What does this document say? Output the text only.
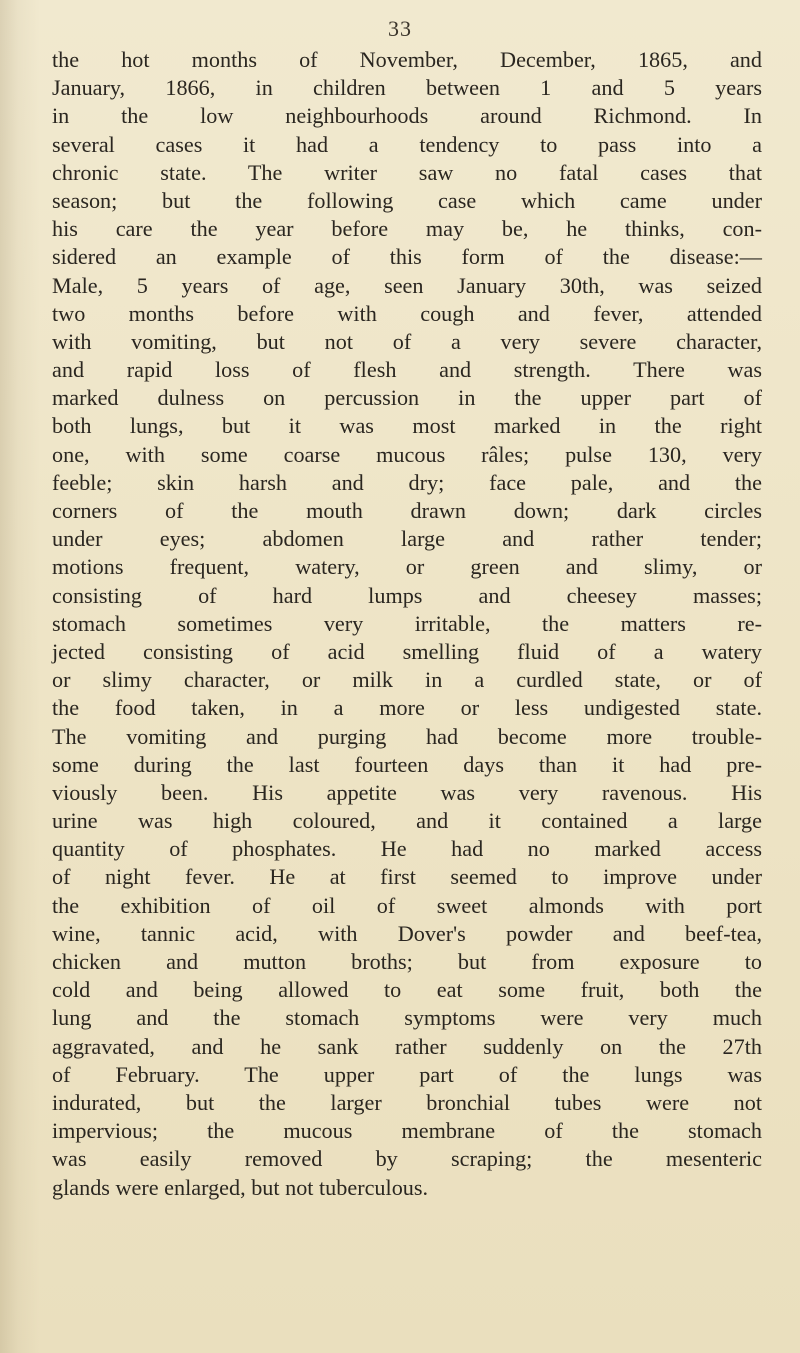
33
the hot months of November, December, 1865, and
January, 1866, in children between 1 and 5 years
in the low neighbourhoods around Richmond. In
several cases it had a tendency to pass into a
chronic state. The writer saw no fatal cases that
season; but the following case which came under
his care the year before may be, he thinks, con-
sidered an example of this form of the disease:—
Male, 5 years of age, seen January 30th, was seized
two months before with cough and fever, attended
with vomiting, but not of a very severe character,
and rapid loss of flesh and strength. There was
marked dulness on percussion in the upper part of
both lungs, but it was most marked in the right
one, with some coarse mucous râles; pulse 130, very
feeble; skin harsh and dry; face pale, and the
corners of the mouth drawn down; dark circles
under eyes; abdomen large and rather tender;
motions frequent, watery, or green and slimy, or
consisting of hard lumps and cheesey masses;
stomach sometimes very irritable, the matters re-
jected consisting of acid smelling fluid of a watery
or slimy character, or milk in a curdled state, or of
the food taken, in a more or less undigested state.
The vomiting and purging had become more trouble-
some during the last fourteen days than it had pre-
viously been. His appetite was very ravenous. His
urine was high coloured, and it contained a large
quantity of phosphates. He had no marked access
of night fever. He at first seemed to improve under
the exhibition of oil of sweet almonds with port
wine, tannic acid, with Dover's powder and beef-tea,
chicken and mutton broths; but from exposure to
cold and being allowed to eat some fruit, both the
lung and the stomach symptoms were very much
aggravated, and he sank rather suddenly on the 27th
of February. The upper part of the lungs was
indurated, but the larger bronchial tubes were not
impervious; the mucous membrane of the stomach
was easily removed by scraping; the mesenteric
glands were enlarged, but not tuberculous.
